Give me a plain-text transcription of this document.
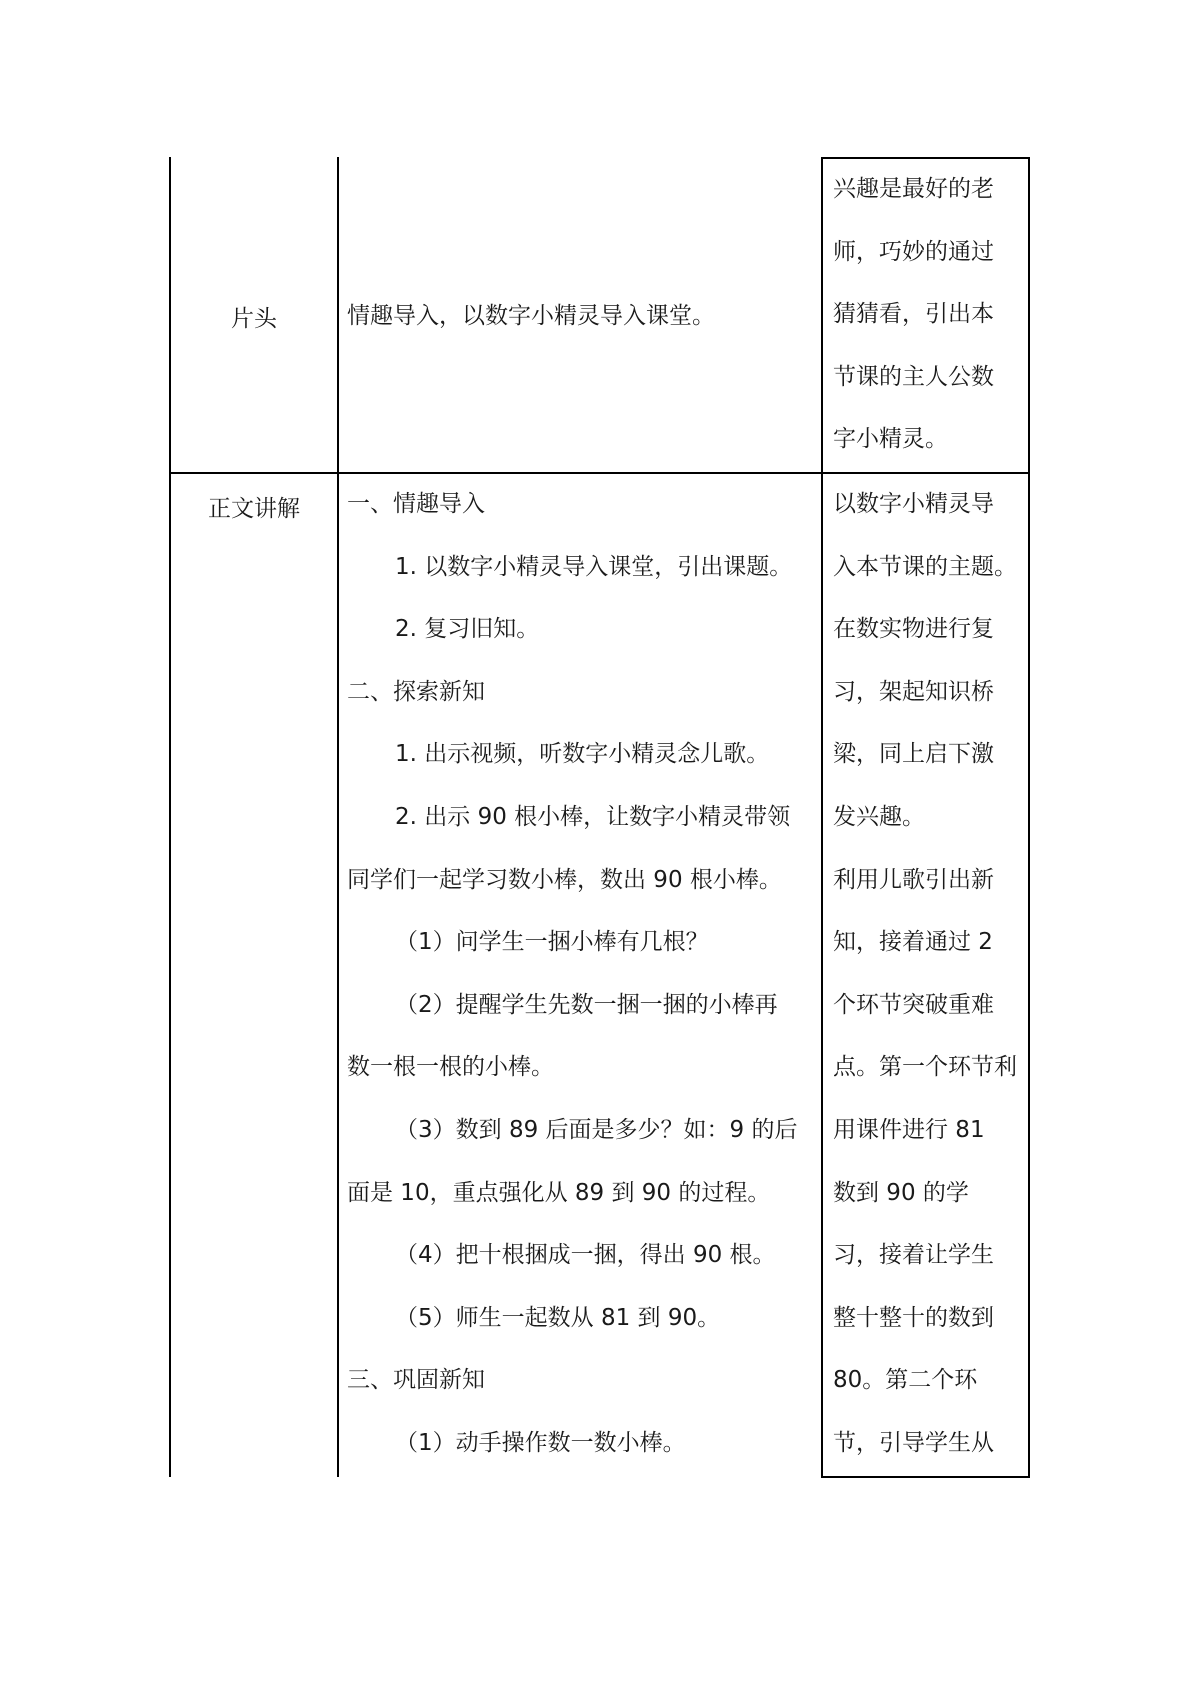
片头	情趣导入，以数字小精灵导入课堂。
兴趣是最好的老
师，巧妙的通过
猜猜看，引出本
节课的主人公数
字小精灵。
正文讲解	一、情趣导入
1. 以数字小精灵导入课堂，引出课题。
2. 复习旧知。
二、探索新知
1. 出示视频，听数字小精灵念儿歌。
2. 出示 90 根小棒，让数字小精灵带领
同学们一起学习数小棒，数出 90 根小棒。
（1）问学生一捆小棒有几根？
（2）提醒学生先数一捆一捆的小棒再
数一根一根的小棒。
（3）数到 89 后面是多少？如：9 的后
面是 10，重点强化从 89 到 90 的过程。
（4）把十根捆成一捆，得出 90 根。
（5）师生一起数从 81 到 90。
三、巩固新知
（1）动手操作数一数小棒。
以数字小精灵导
入本节课的主题。
在数实物进行复
习，架起知识桥
梁，同上启下激
发兴趣。
利用儿歌引出新
知，接着通过 2
个环节突破重难
点。第一个环节利
用课件进行 81
数到 90 的学
习，接着让学生
整十整十的数到
80。第二个环
节，引导学生从
